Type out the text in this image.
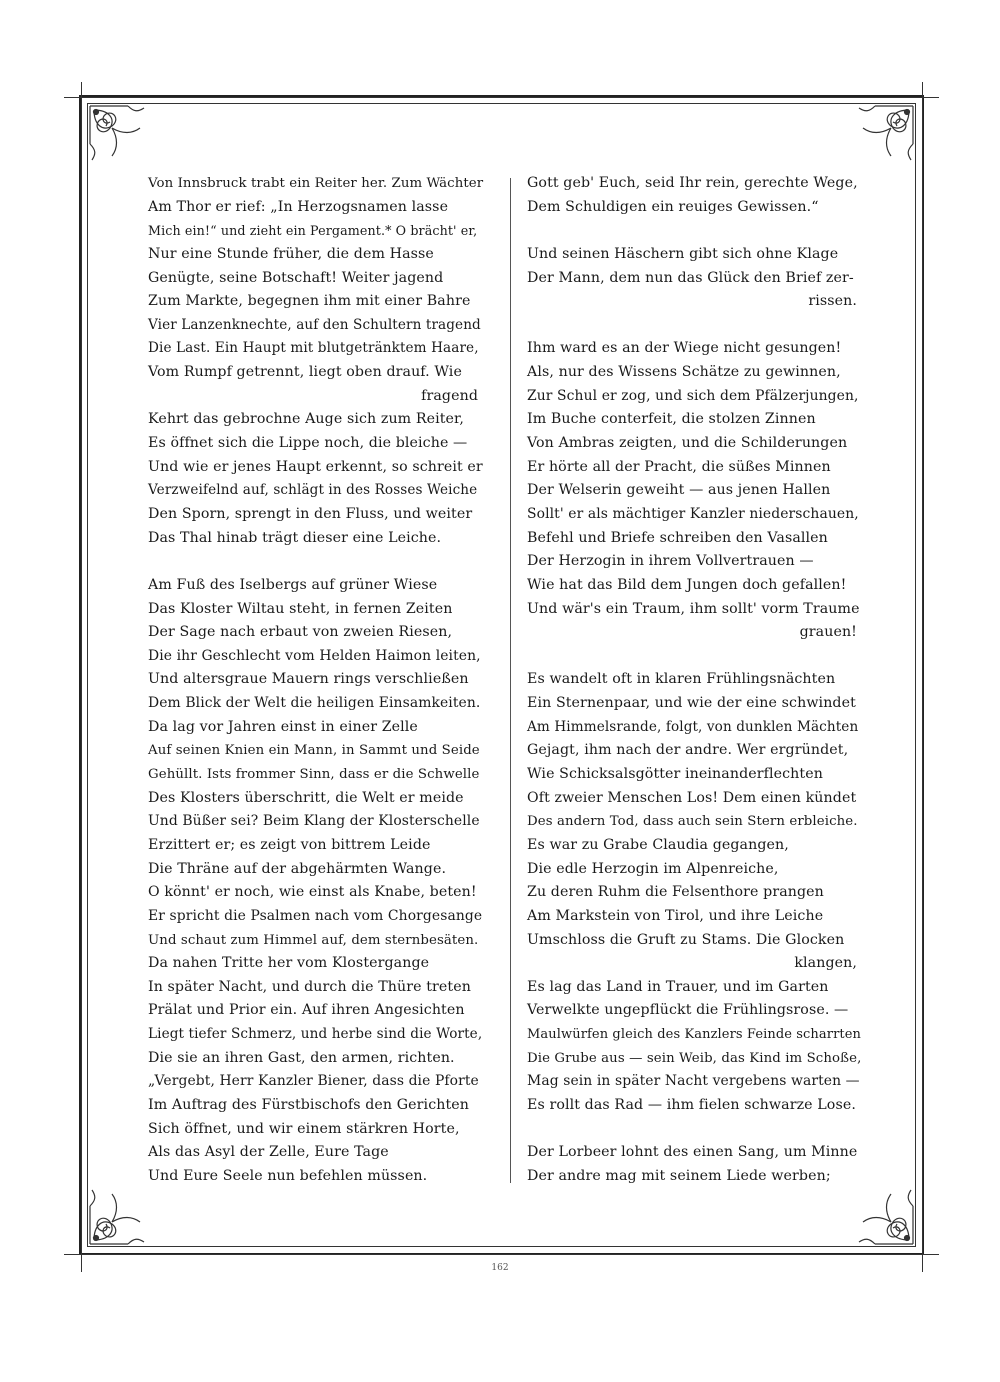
Von Innsbruck trabt ein Reiter her. Zum Wächter
Am Thor er rief: „In Herzogsnamen lasse
Mich ein!“ und zieht ein Pergament.* O brächt' er,
Nur eine Stunde früher, die dem Hasse
Genügte, seine Botschaft! Weiter jagend
Zum Markte, begegnen ihm mit einer Bahre
Vier Lanzenknechte, auf den Schultern tragend
Die Last. Ein Haupt mit blutgetränktem Haare,
Vom Rumpf getrennt, liegt oben drauf. Wie
fragend
Kehrt das gebrochne Auge sich zum Reiter,
Es öffnet sich die Lippe noch, die bleiche —
Und wie er jenes Haupt erkennt, so schreit er
Verzweifelnd auf, schlägt in des Rosses Weiche
Den Sporn, sprengt in den Fluss, und weiter
Das Thal hinab trägt dieser eine Leiche.
Am Fuß des Iselbergs auf grüner Wiese
Das Kloster Wiltau steht, in fernen Zeiten
Der Sage nach erbaut von zweien Riesen,
Die ihr Geschlecht vom Helden Haimon leiten,
Und altersgraue Mauern rings verschließen
Dem Blick der Welt die heiligen Einsamkeiten.
Da lag vor Jahren einst in einer Zelle
Auf seinen Knien ein Mann, in Sammt und Seide
Gehüllt. Ists frommer Sinn, dass er die Schwelle
Des Klosters überschritt, die Welt er meide
Und Büßer sei? Beim Klang der Klosterschelle
Erzittert er; es zeigt von bittrem Leide
Die Thräne auf der abgehärmten Wange.
O könnt' er noch, wie einst als Knabe, beten!
Er spricht die Psalmen nach vom Chorgesange
Und schaut zum Himmel auf, dem sternbesäten.
Da nahen Tritte her vom Klostergange
In später Nacht, und durch die Thüre treten
Prälat und Prior ein. Auf ihren Angesichten
Liegt tiefer Schmerz, und herbe sind die Worte,
Die sie an ihren Gast, den armen, richten.
„Vergebt, Herr Kanzler Biener, dass die Pforte
Im Auftrag des Fürstbischofs den Gerichten
Sich öffnet, und wir einem stärkren Horte,
Als das Asyl der Zelle, Eure Tage
Und Eure Seele nun befehlen müssen.
Gott geb' Euch, seid Ihr rein, gerechte Wege,
Dem Schuldigen ein reuiges Gewissen.“
Und seinen Häschern gibt sich ohne Klage
Der Mann, dem nun das Glück den Brief zer-
rissen.
Ihm ward es an der Wiege nicht gesungen!
Als, nur des Wissens Schätze zu gewinnen,
Zur Schul er zog, und sich dem Pfälzerjungen,
Im Buche conterfeit, die stolzen Zinnen
Von Ambras zeigten, und die Schilderungen
Er hörte all der Pracht, die süßes Minnen
Der Welserin geweiht — aus jenen Hallen
Sollt' er als mächtiger Kanzler niederschauen,
Befehl und Briefe schreiben den Vasallen
Der Herzogin in ihrem Vollvertrauen —
Wie hat das Bild dem Jungen doch gefallen!
Und wär's ein Traum, ihm sollt' vorm Traume
grauen!
Es wandelt oft in klaren Frühlingsnächten
Ein Sternenpaar, und wie der eine schwindet
Am Himmelsrande, folgt, von dunklen Mächten
Gejagt, ihm nach der andre. Wer ergründet,
Wie Schicksalsgötter ineinanderflechten
Oft zweier Menschen Los! Dem einen kündet
Des andern Tod, dass auch sein Stern erbleiche.
Es war zu Grabe Claudia gegangen,
Die edle Herzogin im Alpenreiche,
Zu deren Ruhm die Felsenthore prangen
Am Markstein von Tirol, und ihre Leiche
Umschloss die Gruft zu Stams. Die Glocken
klangen,
Es lag das Land in Trauer, und im Garten
Verwelkte ungepflückt die Frühlingsrose. —
Maulwürfen gleich des Kanzlers Feinde scharrten
Die Grube aus — sein Weib, das Kind im Schoße,
Mag sein in später Nacht vergebens warten —
Es rollt das Rad — ihm fielen schwarze Lose.
Der Lorbeer lohnt des einen Sang, um Minne
Der andre mag mit seinem Liede werben;
162
